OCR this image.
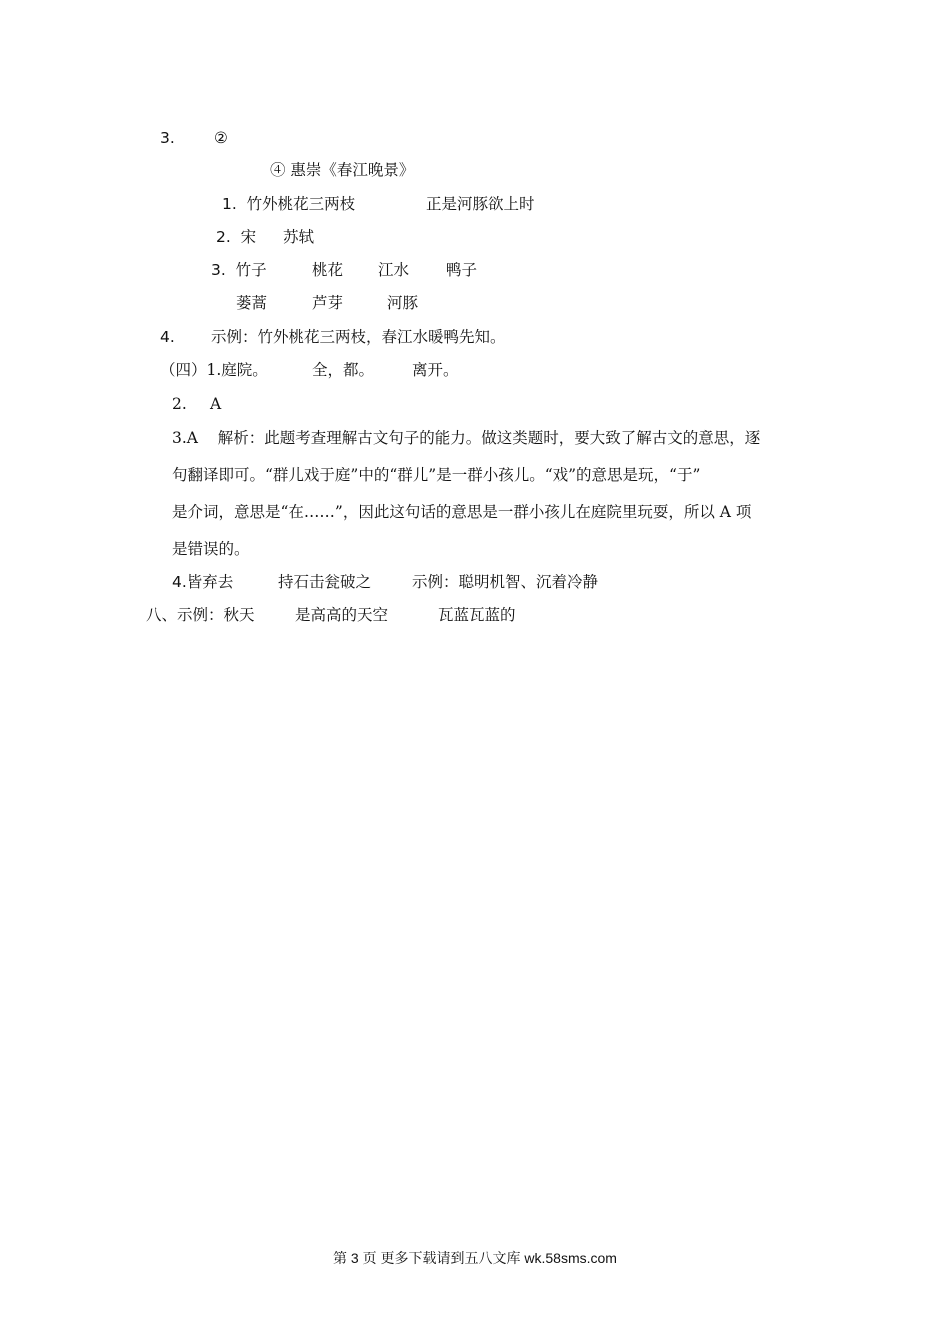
3.	②
④ 惠崇《春江晚景》
1.  竹外桃花三两枝	正是河豚欲上时
2.  宋 苏轼
3.  竹子	桃花 江水 鸭子
蒌蒿	芦芽	河豚
4. 示例：竹外桃花三两枝，春江水暖鸭先知。
（四）1.庭院。	全，都。 离开。
2. A
3.A    解析：此题考查理解古文句子的能力。做这类题时，要大致了解古文的意思，逐
句翻译即可。“群儿戏于庭”中的“群儿”是一群小孩儿。“戏”的意思是玩，“于”
是介词，意思是“在……”，因此这句话的意思是一群小孩儿在庭院里玩耍，所以 A 项
是错误的。
4.皆弃去	持石击瓮破之	示例：聪明机智、沉着冷静
八、示例：秋天	是高高的天空	瓦蓝瓦蓝的
第 3 页 更多下载请到五八文库 wk.58sms.com
